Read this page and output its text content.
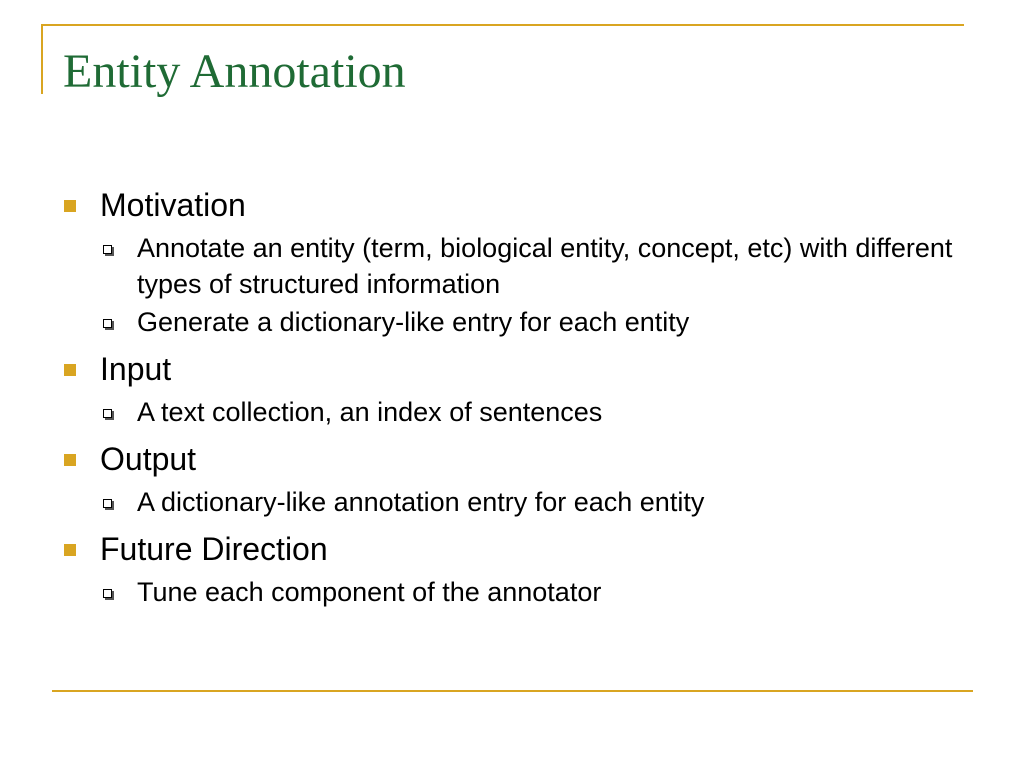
Entity Annotation
Motivation
Annotate an entity (term, biological entity, concept, etc) with different types of structured information
Generate a dictionary-like entry for each entity
Input
A text collection, an index of sentences
Output
A dictionary-like annotation entry for each entity
Future Direction
Tune each component of the annotator
